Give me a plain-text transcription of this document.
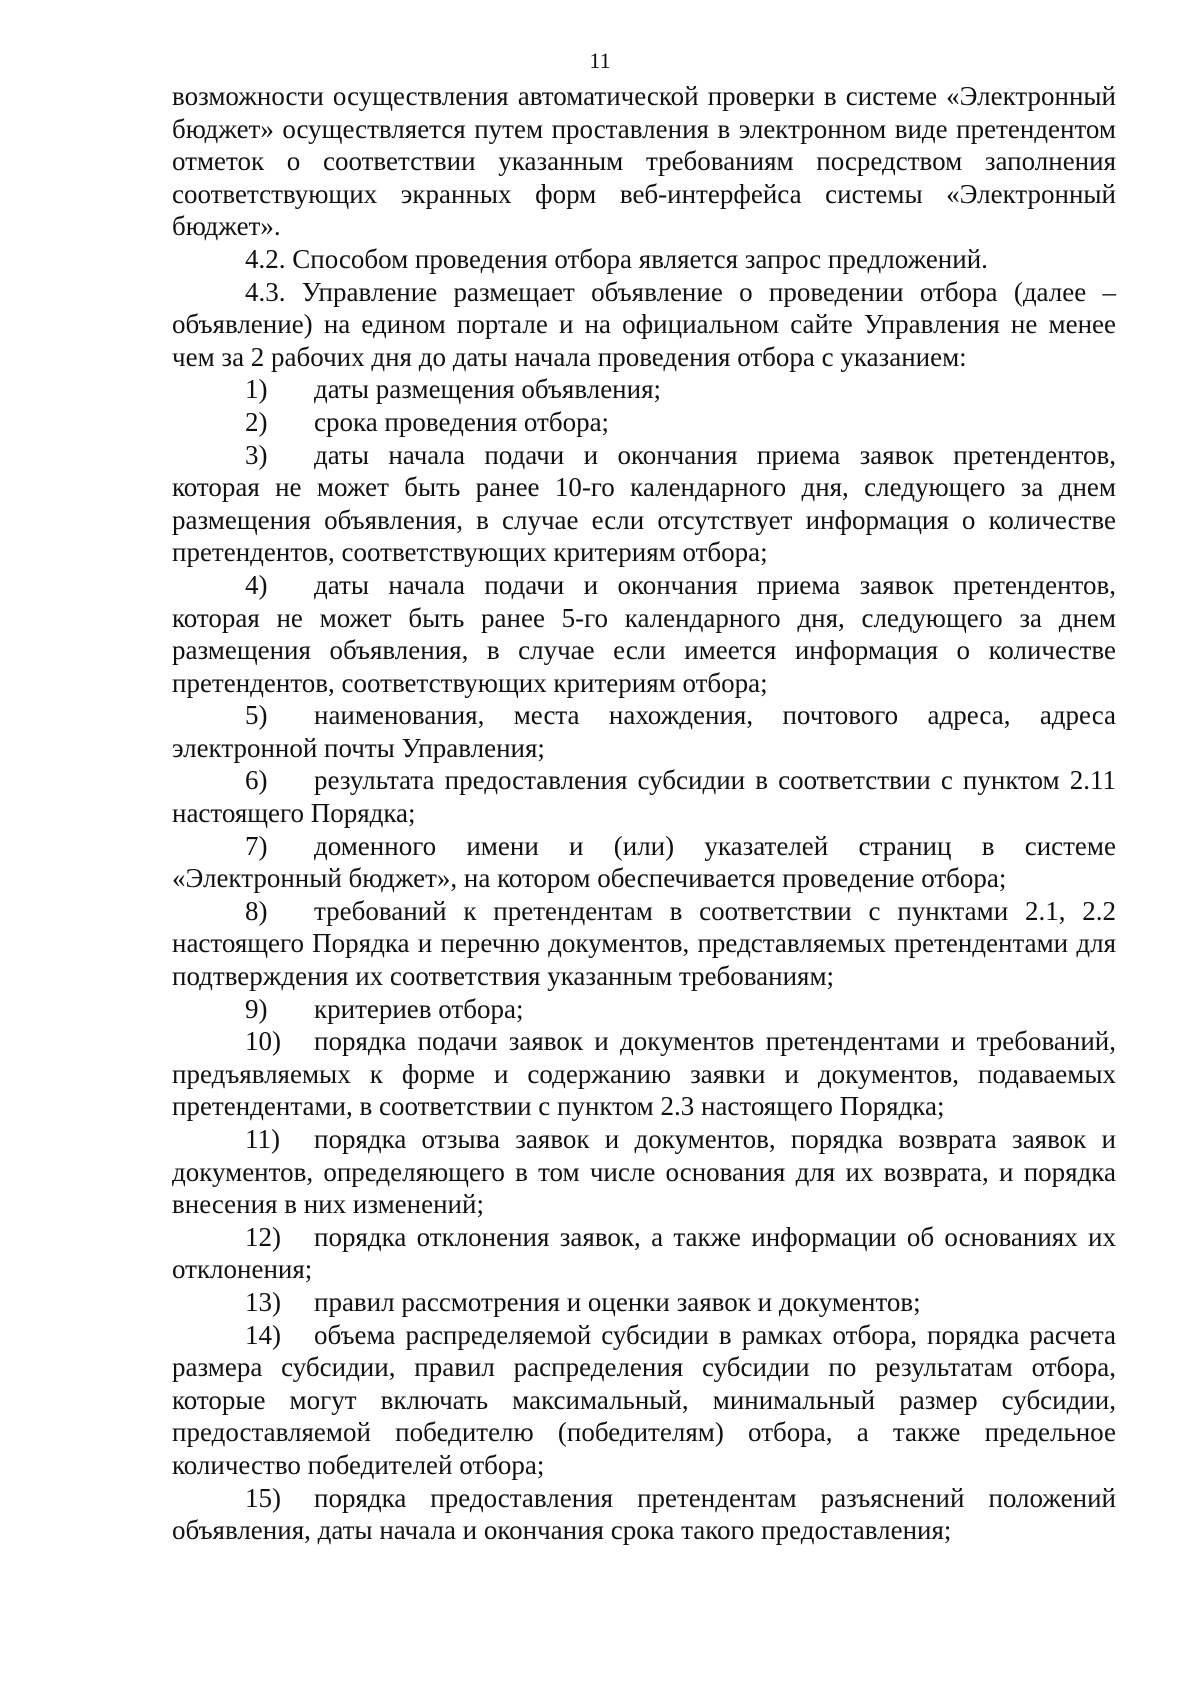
11

возможности осуществления автоматической проверки в системе «Электронный бюджет» осуществляется путем проставления в электронном виде претендентом отметок о соответствии указанным требованиям посредством заполнения соответствующих экранных форм веб-интерфейса системы «Электронный бюджет».

4.2. Способом проведения отбора является запрос предложений.

4.3. Управление размещает объявление о проведении отбора (далее – объявление) на едином портале и на официальном сайте Управления не менее чем за 2 рабочих дня до даты начала проведения отбора с указанием:

1) даты размещения объявления;

2) срока проведения отбора;

3) даты начала подачи и окончания приема заявок претендентов, которая не может быть ранее 10-го календарного дня, следующего за днем размещения объявления, в случае если отсутствует информация о количестве претендентов, соответствующих критериям отбора;

4) даты начала подачи и окончания приема заявок претендентов, которая не может быть ранее 5-го календарного дня, следующего за днем размещения объявления, в случае если имеется информация о количестве претендентов, соответствующих критериям отбора;

5) наименования, места нахождения, почтового адреса, адреса электронной почты Управления;

6) результата предоставления субсидии в соответствии с пунктом 2.11 настоящего Порядка;

7) доменного имени и (или) указателей страниц в системе «Электронный бюджет», на котором обеспечивается проведение отбора;

8) требований к претендентам в соответствии с пунктами 2.1, 2.2 настоящего Порядка и перечню документов, представляемых претендентами для подтверждения их соответствия указанным требованиям;

9) критериев отбора;

10) порядка подачи заявок и документов претендентами и требований, предъявляемых к форме и содержанию заявки и документов, подаваемых претендентами, в соответствии с пунктом 2.3 настоящего Порядка;

11) порядка отзыва заявок и документов, порядка возврата заявок и документов, определяющего в том числе основания для их возврата, и порядка внесения в них изменений;

12) порядка отклонения заявок, а также информации об основаниях их отклонения;

13) правил рассмотрения и оценки заявок и документов;

14) объема распределяемой субсидии в рамках отбора, порядка расчета размера субсидии, правил распределения субсидии по результатам отбора, которые могут включать максимальный, минимальный размер субсидии, предоставляемой победителю (победителям) отбора, а также предельное количество победителей отбора;

15) порядка предоставления претендентам разъяснений положений объявления, даты начала и окончания срока такого предоставления;
